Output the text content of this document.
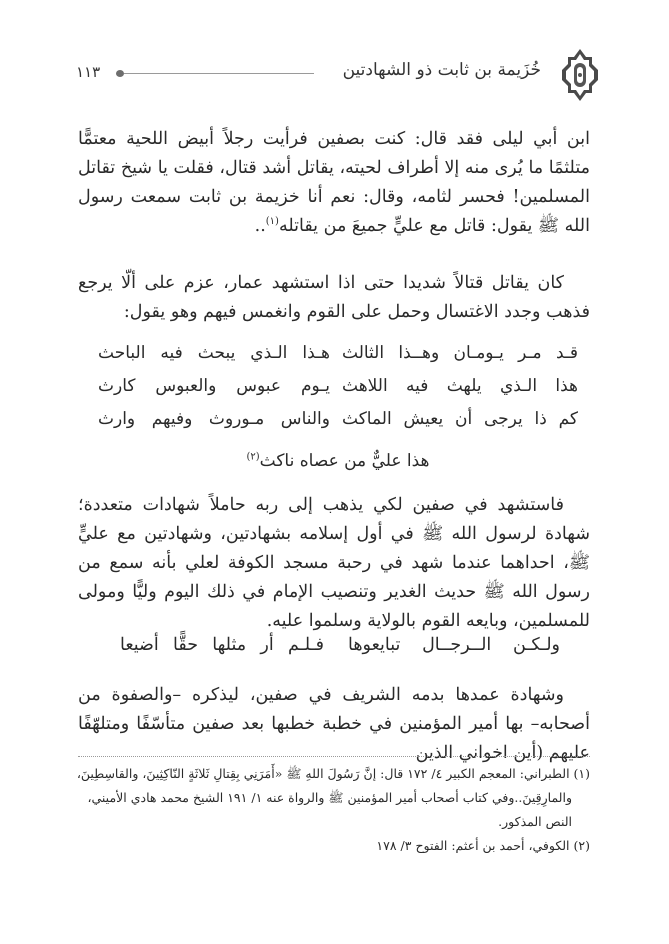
خُزَيمة بن ثابت ذو الشهادتين
١١٣
ابن أبي ليلى فقد قال: كنت بصفين فرأيت رجلاً أبيض اللحية معتمًّا متلثمًا ما يُرى منه إلا أطراف لحيته، يقاتل أشد قتال، فقلت يا شيخ تقاتل المسلمين! فحسر لثامه، وقال: نعم أنا خزيمة بن ثابت سمعت رسول الله ﷺ يقول: قاتل مع عليٍّ جميعَ من يقاتله$^{(١)}$..
كان يقاتل قتالاً شديدا حتى اذا استشهد عمار، عزم على ألّا يرجع فذهب وجدد الاغتسال وحمل على القوم وانغمس فيهم وهو يقول:
قـد مـر يـومـان وهــذا الثالث
هـذا الـذي يبحث فيه الباحث
هذا الـذي يلهث فيه اللاهث
يـوم عبوس والعبوس كارث
كم ذا يرجى أن يعيش الماكث
والناس مـوروث وفيهم وارث
هذا عليٌّ من عصاه ناكث$^{(٢)}$
فاستشهد في صفين لكي يذهب إلى ربه حاملاً شهادات متعددة؛ شهادة لرسول الله ﷺ في أول إسلامه بشهادتين، وشهادتين مع عليٍّ ﷺ، احداهما عندما شهد في رحبة مسجد الكوفة لعلي بأنه سمع من رسول الله ﷺ حديث الغدير وتنصيب الإمام في ذلك اليوم وليًّا ومولى للمسلمين، وبايعه القوم بالولاية وسلموا عليه.
ولـكـن الــرجــال تبايعوها
فـلـم أر مثلها حقًّا أضيعا
وشهادة عمدها بدمه الشريف في صفين، ليذكره –والصفوة من أصحابه– بها أمير المؤمنين في خطبة خطبها بعد صفين متأسّفًا ومتلهّفًا عليهم (أين اخواني الذين
(١) الطبراني: المعجم الكبير ٤/ ١٧٢ قال: إنَّ رَسُولَ اللهِ ﷺ «أَمَرَنِي بِقِتالِ ثَلاثَةٍ النّاكِثِينَ، والقاسِطِينَ،
والمارِقِينَ..وفي كتاب أصحاب أمير المؤمنين ﷺ والرواة عنه ١/ ١٩١ الشيخ محمد هادي الأميني،
النص المذكور.
(٢) الكوفي، أحمد بن أعثم: الفتوح ٣/ ١٧٨
